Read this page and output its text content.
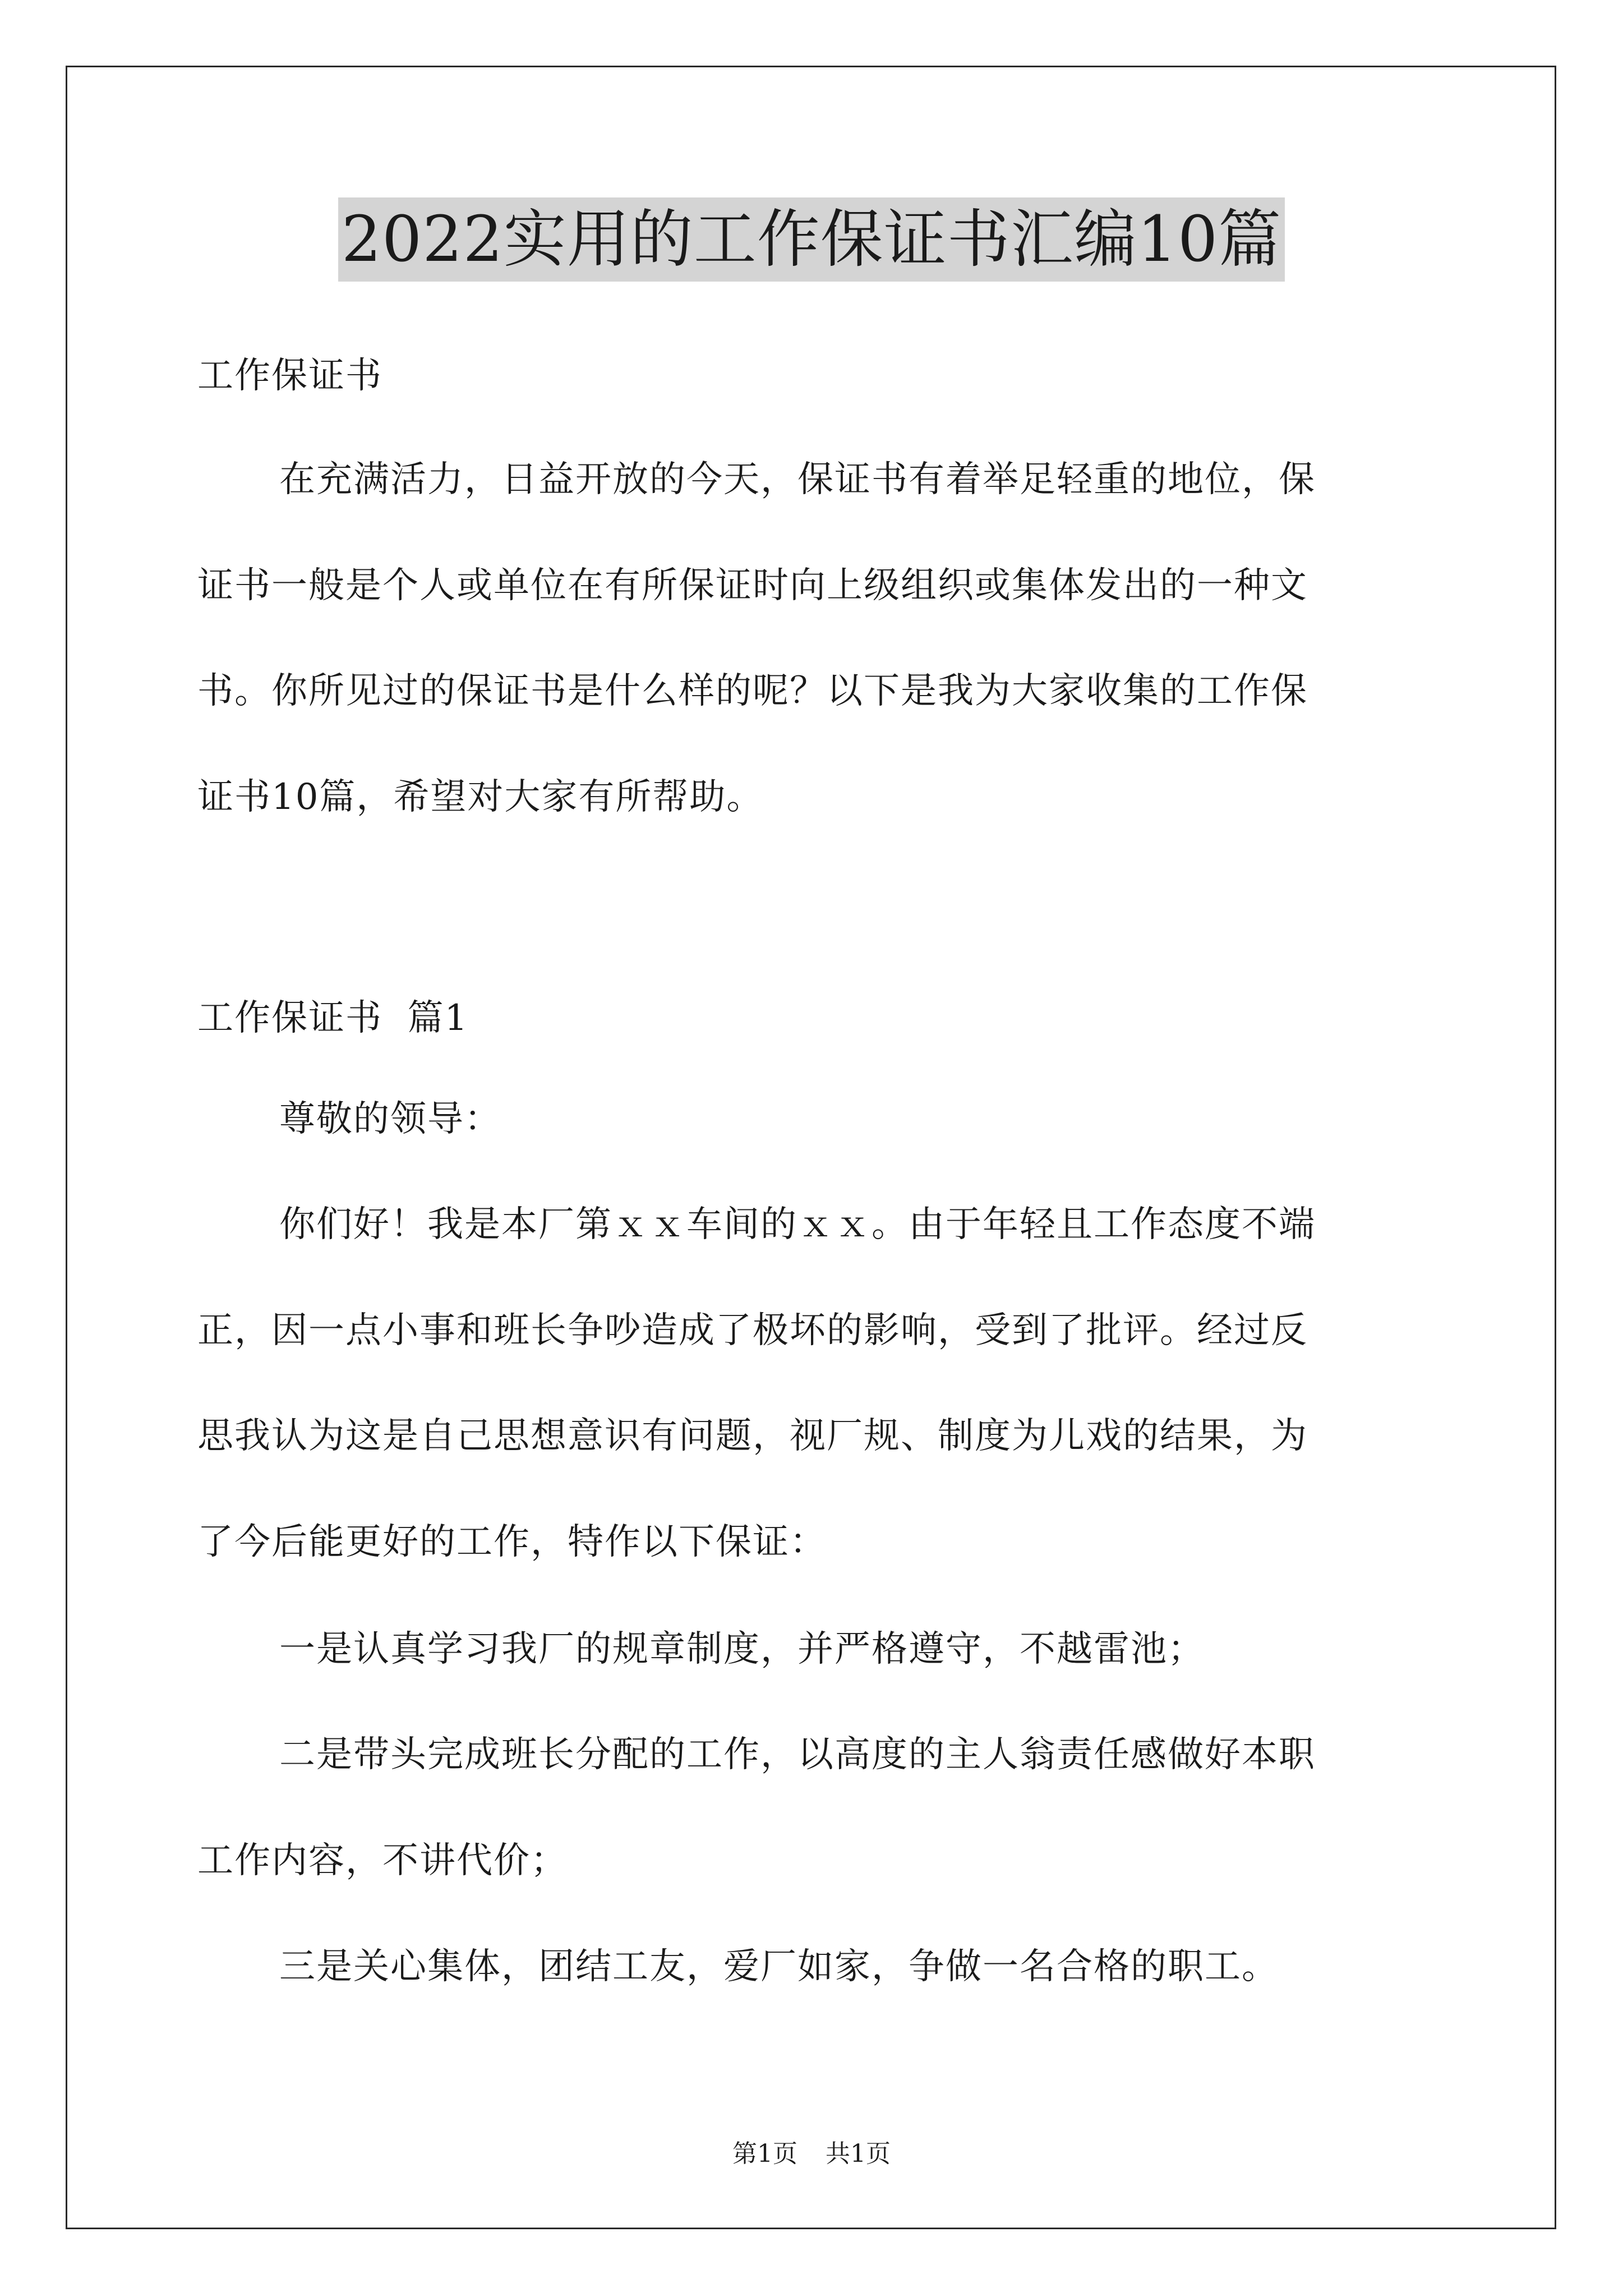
2022实用的工作保证书汇编10篇

工作保证书

在充满活力，日益开放的今天，保证书有着举足轻重的地位，保

证书一般是个人或单位在有所保证时向上级组织或集体发出的一种文

书。你所见过的保证书是什么样的呢？以下是我为大家收集的工作保

证书10篇，希望对大家有所帮助。

工作保证书  篇1

尊敬的领导：

你们好！我是本厂第ｘｘ车间的ｘｘ。由于年轻且工作态度不端

正，因一点小事和班长争吵造成了极坏的影响，受到了批评。经过反

思我认为这是自己思想意识有问题，视厂规、制度为儿戏的结果，为

了今后能更好的工作，特作以下保证：

一是认真学习我厂的规章制度，并严格遵守，不越雷池；

二是带头完成班长分配的工作，以高度的主人翁责任感做好本职

工作内容，不讲代价；

三是关心集体，团结工友，爱厂如家，争做一名合格的职工。

第1页 共1页
